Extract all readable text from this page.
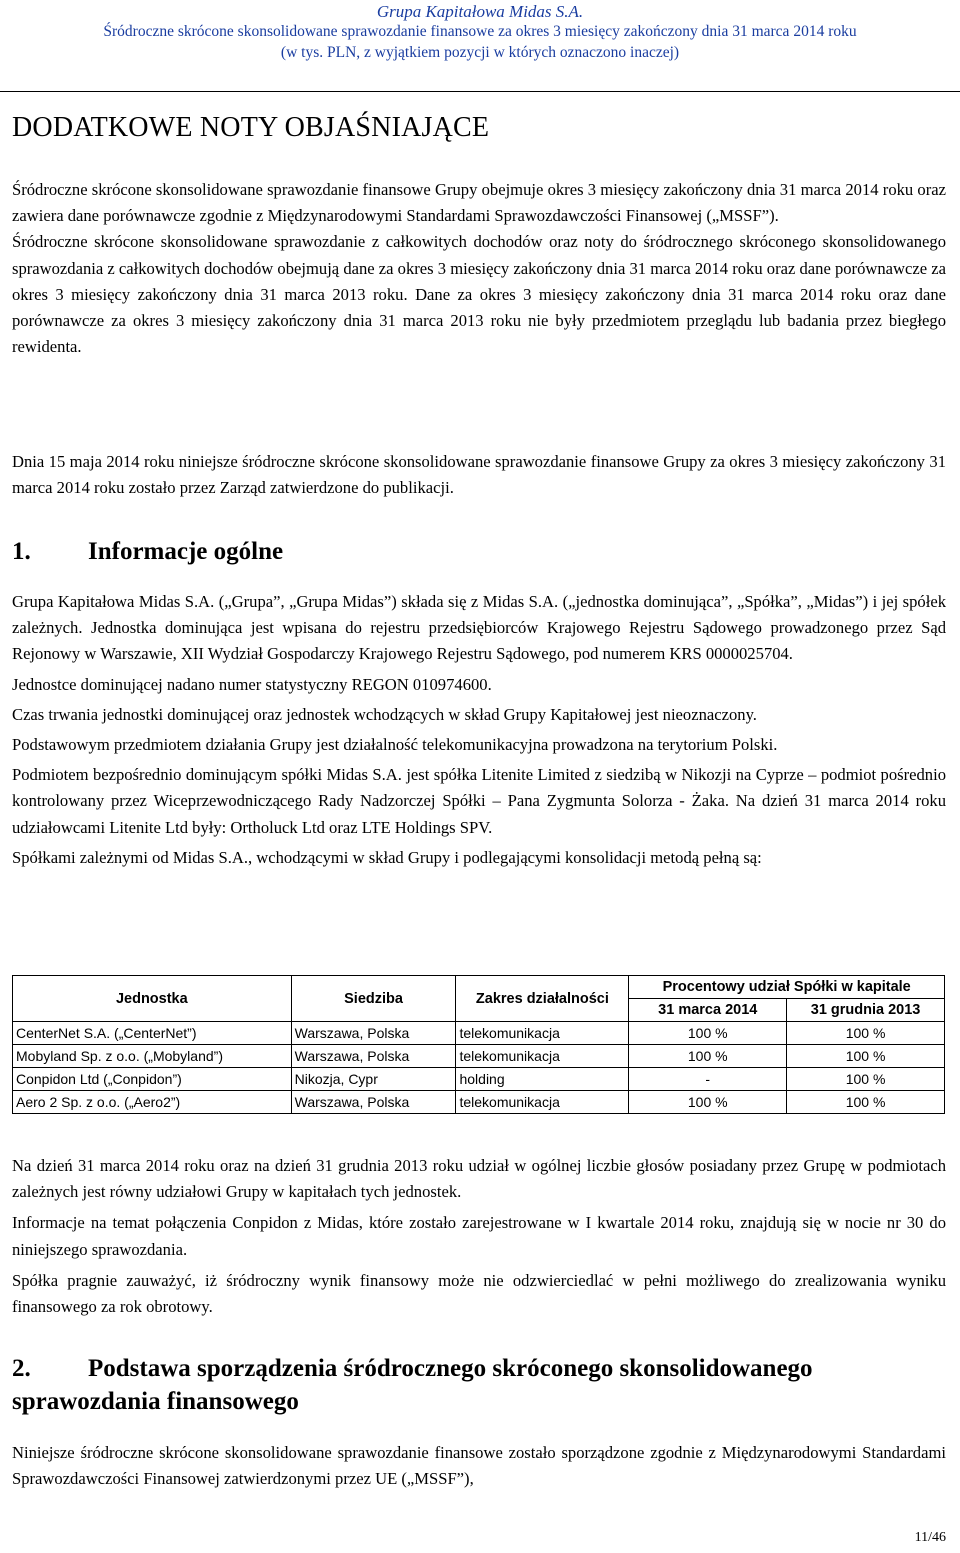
Grupa Kapitałowa Midas S.A.
Śródroczne skrócone skonsolidowane sprawozdanie finansowe za okres 3 miesięcy zakończony dnia 31 marca 2014 roku
(w tys. PLN, z wyjątkiem pozycji w których oznaczono inaczej)
DODATKOWE NOTY OBJAŚNIAJĄCE

Śródroczne skrócone skonsolidowane sprawozdanie finansowe Grupy obejmuje okres 3 miesięcy zakończony dnia 31 marca 2014 roku oraz zawiera dane porównawcze zgodnie z Międzynarodowymi Standardami Sprawozdawczości Finansowej („MSSF”).

Śródroczne skrócone skonsolidowane sprawozdanie z całkowitych dochodów oraz noty do śródrocznego skróconego skonsolidowanego sprawozdania z całkowitych dochodów obejmują dane za okres 3 miesięcy zakończony dnia 31 marca 2014 roku oraz dane porównawcze za okres 3 miesięcy zakończony dnia 31 marca 2013 roku. Dane za okres 3 miesięcy zakończony dnia 31 marca 2014 roku oraz dane porównawcze za okres 3 miesięcy zakończony dnia 31 marca 2013 roku nie były przedmiotem przeglądu lub badania przez biegłego rewidenta.

Dnia 15 maja 2014 roku niniejsze śródroczne skrócone skonsolidowane sprawozdanie finansowe Grupy za okres 3 miesięcy zakończony 31 marca 2014 roku zostało przez Zarząd zatwierdzone do publikacji.

1. Informacje ogólne

Grupa Kapitałowa Midas S.A. („Grupa”, „Grupa Midas”) składa się z Midas S.A. („jednostka dominująca”, „Spółka”, „Midas”) i jej spółek zależnych. Jednostka dominująca jest wpisana do rejestru przedsiębiorców Krajowego Rejestru Sądowego prowadzonego przez Sąd Rejonowy w Warszawie, XII Wydział Gospodarczy Krajowego Rejestru Sądowego, pod numerem KRS 0000025704.

Jednostce dominującej nadano numer statystyczny REGON 010974600.

Czas trwania jednostki dominującej oraz jednostek wchodzących w skład Grupy Kapitałowej jest nieoznaczony.

Podstawowym przedmiotem działania Grupy jest działalność telekomunikacyjna prowadzona na terytorium Polski.

Podmiotem bezpośrednio dominującym spółki Midas S.A. jest spółka Litenite Limited z siedzibą w Nikozji na Cyprze – podmiot pośrednio kontrolowany przez Wiceprzewodniczącego Rady Nadzorczej Spółki – Pana Zygmunta Solorza - Żaka. Na dzień 31 marca 2014 roku udziałowcami Litenite Ltd były: Ortholuck Ltd oraz LTE Holdings SPV.

Spółkami zależnymi od Midas S.A., wchodzącymi w skład Grupy i podlegającymi konsolidacji metodą pełną są:

Jednostka	Siedziba	Zakres działalności	Procentowy udział Spółki w kapitale	
			31 marca 2014	31 grudnia 2013
CenterNet S.A. („CenterNet”)	Warszawa, Polska	telekomunikacja	100 %	100 %
Mobyland Sp. z o.o. („Mobyland”)	Warszawa, Polska	telekomunikacja	100 %	100 %
Conpidon Ltd („Conpidon”)	Nikozja, Cypr	holding	-	100 %
Aero 2 Sp. z o.o. („Aero2”)	Warszawa, Polska	telekomunikacja	100 %	100 %

Na dzień 31 marca 2014 roku oraz na dzień 31 grudnia 2013 roku udział w ogólnej liczbie głosów posiadany przez Grupę w podmiotach zależnych jest równy udziałowi Grupy w kapitałach tych jednostek.

Informacje na temat połączenia Conpidon z Midas, które zostało zarejestrowane w I kwartale 2014 roku, znajdują się w nocie nr 30 do niniejszego sprawozdania.

Spółka pragnie zauważyć, iż śródroczny wynik finansowy może nie odzwierciedlać w pełni możliwego do zrealizowania wyniku finansowego za rok obrotowy.

2. Podstawa sporządzenia śródrocznego skróconego skonsolidowanego sprawozdania finansowego

Niniejsze śródroczne skrócone skonsolidowane sprawozdanie finansowe zostało sporządzone zgodnie z Międzynarodowymi Standardami Sprawozdawczości Finansowej zatwierdzonymi przez UE („MSSF”),

11/46
